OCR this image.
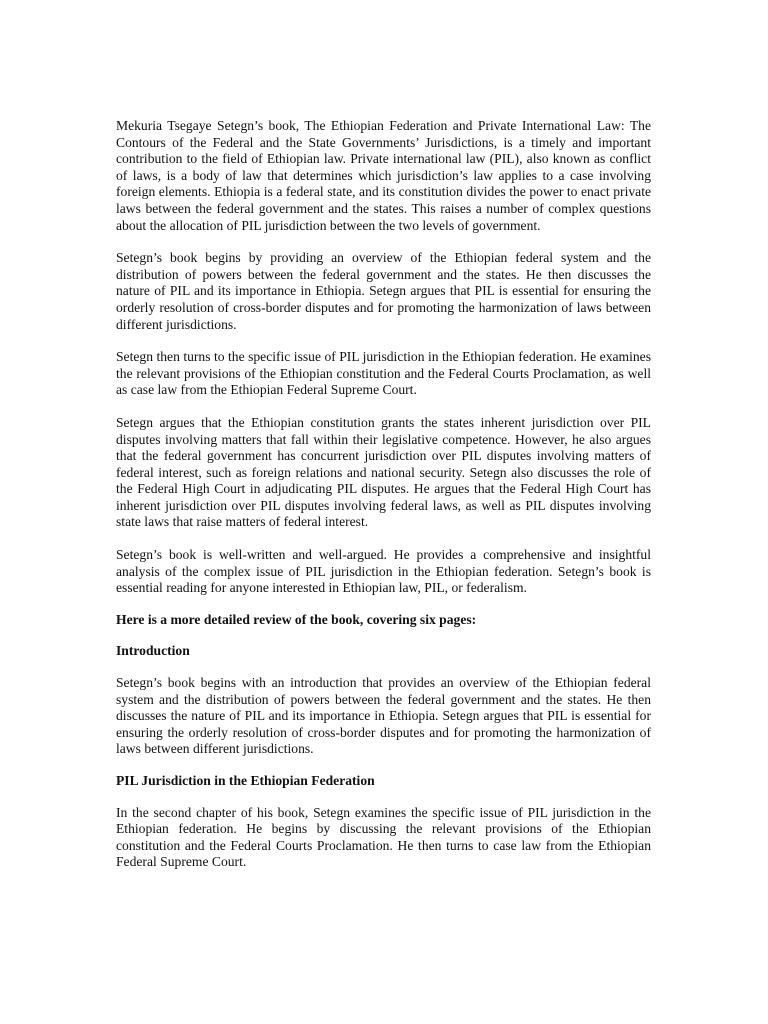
Mekuria Tsegaye Setegn’s book, The Ethiopian Federation and Private International Law: The Contours of the Federal and the State Governments’ Jurisdictions, is a timely and important contribution to the field of Ethiopian law. Private international law (PIL), also known as conflict of laws, is a body of law that determines which jurisdiction’s law applies to a case involving foreign elements. Ethiopia is a federal state, and its constitution divides the power to enact private laws between the federal government and the states. This raises a number of complex questions about the allocation of PIL jurisdiction between the two levels of government.

Setegn’s book begins by providing an overview of the Ethiopian federal system and the distribution of powers between the federal government and the states. He then discusses the nature of PIL and its importance in Ethiopia. Setegn argues that PIL is essential for ensuring the orderly resolution of cross-border disputes and for promoting the harmonization of laws between different jurisdictions.

Setegn then turns to the specific issue of PIL jurisdiction in the Ethiopian federation. He examines the relevant provisions of the Ethiopian constitution and the Federal Courts Proclamation, as well as case law from the Ethiopian Federal Supreme Court.

Setegn argues that the Ethiopian constitution grants the states inherent jurisdiction over PIL disputes involving matters that fall within their legislative competence. However, he also argues that the federal government has concurrent jurisdiction over PIL disputes involving matters of federal interest, such as foreign relations and national security. Setegn also discusses the role of the Federal High Court in adjudicating PIL disputes. He argues that the Federal High Court has inherent jurisdiction over PIL disputes involving federal laws, as well as PIL disputes involving state laws that raise matters of federal interest.

Setegn’s book is well-written and well-argued. He provides a comprehensive and insightful analysis of the complex issue of PIL jurisdiction in the Ethiopian federation. Setegn’s book is essential reading for anyone interested in Ethiopian law, PIL, or federalism.

Here is a more detailed review of the book, covering six pages:

Introduction

Setegn’s book begins with an introduction that provides an overview of the Ethiopian federal system and the distribution of powers between the federal government and the states. He then discusses the nature of PIL and its importance in Ethiopia. Setegn argues that PIL is essential for ensuring the orderly resolution of cross-border disputes and for promoting the harmonization of laws between different jurisdictions.

PIL Jurisdiction in the Ethiopian Federation

In the second chapter of his book, Setegn examines the specific issue of PIL jurisdiction in the Ethiopian federation. He begins by discussing the relevant provisions of the Ethiopian constitution and the Federal Courts Proclamation. He then turns to case law from the Ethiopian Federal Supreme Court.
